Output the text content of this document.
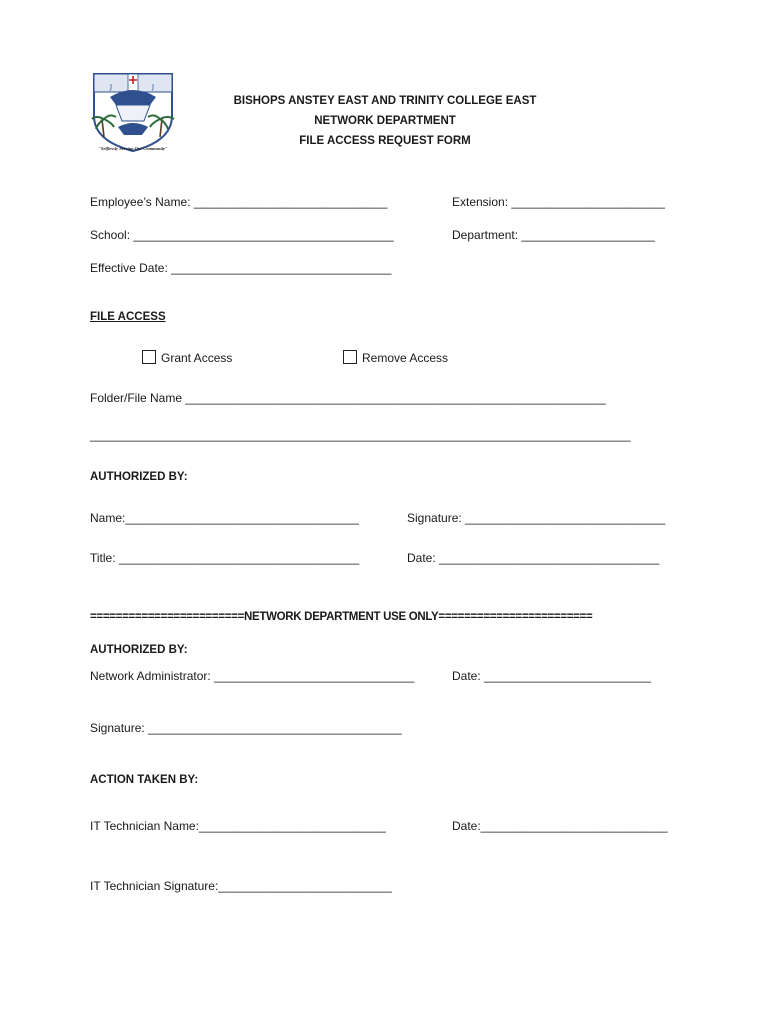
J	J
"Selflessly Serving Our Community"
BISHOPS ANSTEY EAST AND TRINITY COLLEGE EAST
NETWORK DEPARTMENT
FILE ACCESS REQUEST FORM
Employee’s Name: _____________________________	Extension: _______________________
School: _______________________________________	Department: ____________________
Effective Date: _________________________________
FILE ACCESS
Grant Access	Remove Access
Folder/File Name _______________________________________________________________
_________________________________________________________________________________
AUTHORIZED BY:
Name:___________________________________	Signature: ______________________________
Title: ____________________________________	Date: _________________________________
========================NETWORK DEPARTMENT USE ONLY========================
AUTHORIZED BY:
Network Administrator: ______________________________	Date: _________________________
Signature: ______________________________________
ACTION TAKEN BY:
IT Technician Name:____________________________	Date:____________________________
IT Technician Signature:__________________________
